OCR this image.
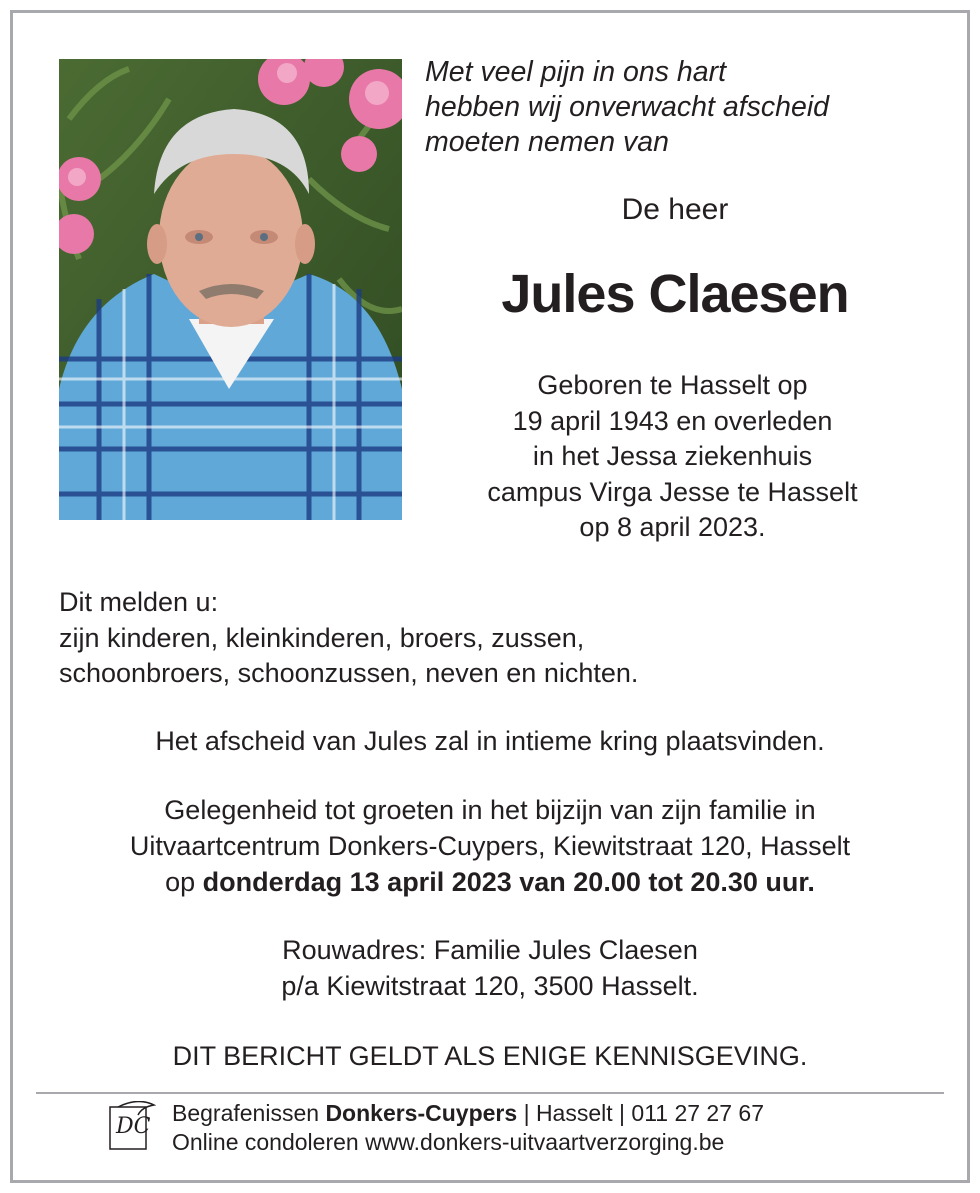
Met veel pijn in ons hart
hebben wij onverwacht afscheid
moeten nemen van
De heer
Jules Claesen
Geboren te Hasselt op
19 april 1943 en overleden
in het Jessa ziekenhuis
campus Virga Jesse te Hasselt
op 8 april 2023.
Dit melden u:
zijn kinderen, kleinkinderen, broers, zussen,
schoonbroers, schoonzussen, neven en nichten.
Het afscheid van Jules zal in intieme kring plaatsvinden.
Gelegenheid tot groeten in het bijzijn van zijn familie in
Uitvaartcentrum Donkers-Cuypers, Kiewitstraat 120, Hasselt
op donderdag 13 april 2023 van 20.00 tot 20.30 uur.
Rouwadres: Familie Jules Claesen
p/a Kiewitstraat 120, 3500 Hasselt.
DIT BERICHT GELDT ALS ENIGE KENNISGEVING.
DC
Begrafenissen Donkers-Cuypers | Hasselt | 011 27 27 67
Online condoleren www.donkers-uitvaartverzorging.be
